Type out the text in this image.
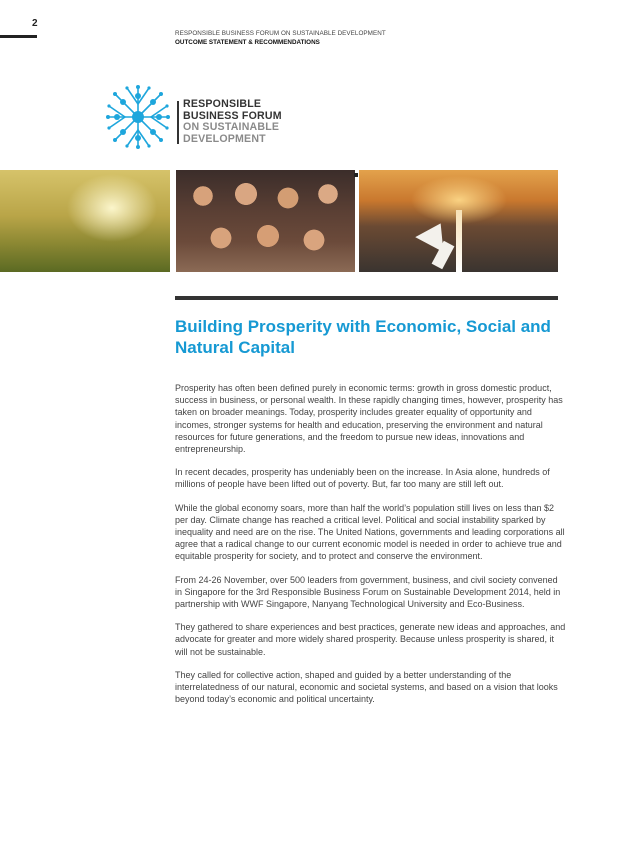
2
RESPONSIBLE BUSINESS FORUM ON SUSTAINABLE DEVELOPMENT
OUTCOME STATEMENT & RECOMMENDATIONS
RESPONSIBLE
BUSINESS FORUM
ON SUSTAINABLE
DEVELOPMENT
Building Prosperity with Economic, Social and Natural Capital

Prosperity has often been defined purely in economic terms: growth in gross domestic product, success in business, or personal wealth. In these rapidly changing times, however, prosperity has taken on broader meanings. Today, prosperity includes greater equality of opportunity and incomes, stronger systems for health and education, preserving the environment and natural resources for future generations, and the freedom to pursue new ideas, innovations and entrepreneurship.

In recent decades, prosperity has undeniably been on the increase. In Asia alone, hundreds of millions of people have been lifted out of poverty. But, far too many are still left out.

While the global economy soars, more than half the world’s population still lives on less than $2 per day. Climate change has reached a critical level. Political and social instability sparked by inequality and need are on the rise. The United Nations, governments and leading corporations all agree that a radical change to our current economic model is needed in order to achieve true and equitable prosperity for society, and to protect and conserve the environment.

From 24-26 November, over 500 leaders from government, business, and civil society convened in Singapore for the 3rd Responsible Business Forum on Sustainable Development 2014, held in partnership with WWF Singapore, Nanyang Technological University and Eco-Business.

They gathered to share experiences and best practices, generate new ideas and approaches, and advocate for greater and more widely shared prosperity. Because unless prosperity is shared, it will not be sustainable.

They called for collective action, shaped and guided by a better understanding of the interrelatedness of our natural, economic and societal systems, and based on a vision that looks beyond today’s economic and political uncertainty.
